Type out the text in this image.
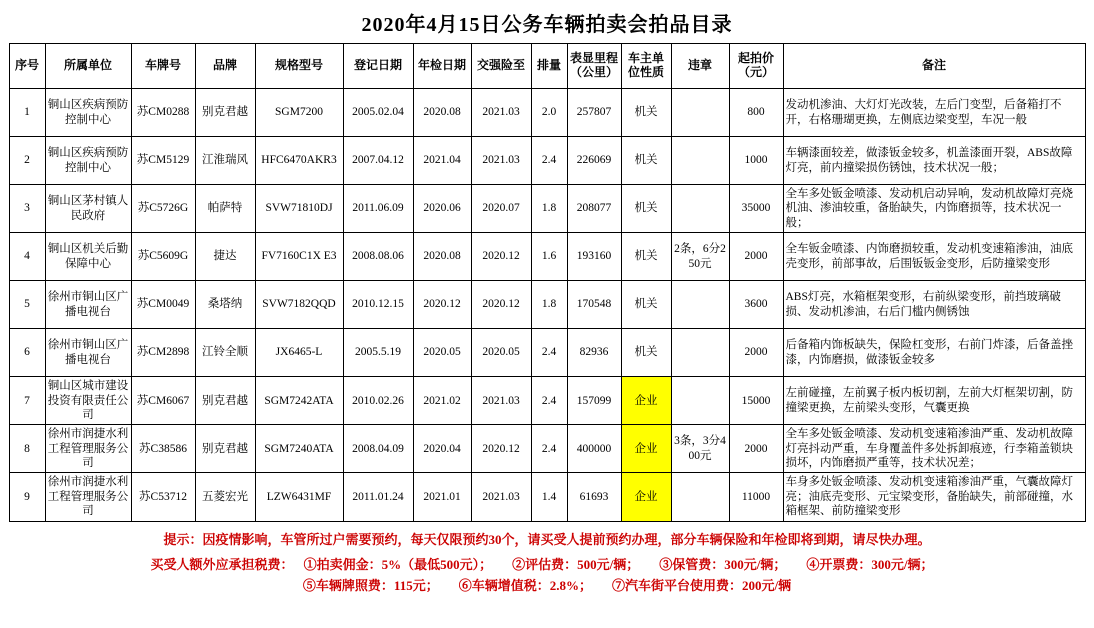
2020年4月15日公务车辆拍卖会拍品目录
序号	所属单位	车牌号	品牌	规格型号	登记日期	年检日期	交强险至	排量	表显里程（公里）	车主单位性质	违章	起拍价（元）	备注
1	铜山区疾病预防控制中心	苏CM0288	别克君越	SGM7200	2005.02.04	2020.08	2021.03	2.0	257807	机关		800	发动机渗油、大灯灯光改装，左后门变型，后备箱打不开，右格珊瑚更换，左侧底边梁变型，车况一般
2	铜山区疾病预防控制中心	苏CM5129	江淮瑞风	HFC6470AKR3	2007.04.12	2021.04	2021.03	2.4	226069	机关		1000	车辆漆面较差，做漆钣金较多，机盖漆面开裂，ABS故障灯亮，前内撞梁损伤锈蚀，技术状况一般；
3	铜山区茅村镇人民政府	苏C5726G	帕萨特	SVW71810DJ	2011.06.09	2020.06	2020.07	1.8	208077	机关		35000	全车多处钣金喷漆、发动机启动异响，发动机故障灯亮烧机油、渗油较重，备胎缺失，内饰磨损等，技术状况一般；
4	铜山区机关后勤保障中心	苏C5609G	捷达	FV7160C1X E3	2008.08.06	2020.08	2020.12	1.6	193160	机关	2条，6分250元	2000	全车钣金喷漆、内饰磨损较重，发动机变速箱渗油，油底壳变形，前部事故，后围钣钣金变形，后防撞梁变形
5	徐州市铜山区广播电视台	苏CM0049	桑塔纳	SVW7182QQD	2010.12.15	2020.12	2020.12	1.8	170548	机关		3600	ABS灯亮，水箱框架变形，右前纵梁变形，前挡玻璃破损、发动机渗油，右后门槛内侧锈蚀
6	徐州市铜山区广播电视台	苏CM2898	江铃全顺	JX6465-L	2005.5.19	2020.05	2020.05	2.4	82936	机关		2000	后备箱内饰板缺失，保险杠变形，右前门炸漆，后备盖挫漆，内饰磨损，做漆钣金较多
7	铜山区城市建设投资有限责任公司	苏CM6067	别克君越	SGM7242ATA	2010.02.26	2021.02	2021.03	2.4	157099	企业		15000	左前碰撞，左前翼子板内板切割，左前大灯框架切割，防撞梁更换，左前梁头变形，气囊更换
8	徐州市润捷水利工程管理服务公司	苏C38586	别克君越	SGM7240ATA	2008.04.09	2020.04	2020.12	2.4	400000	企业	3条，3分400元	2000	全车多处钣金喷漆、发动机变速箱渗油严重、发动机故障灯亮抖动严重，车身覆盖件多处拆卸痕迹，行李箱盖锁块损坏，内饰磨损严重等，技术状况差；
9	徐州市润捷水利工程管理服务公司	苏C53712	五菱宏光	LZW6431MF	2011.01.24	2021.01	2021.03	1.4	61693	企业		11000	车身多处钣金喷漆、发动机变速箱渗油严重，气囊故障灯亮；油底壳变形、元宝梁变形，备胎缺失，前部碰撞，水箱框架、前防撞梁变形
提示：因疫情影响，车管所过户需要预约，每天仅限预约30个，请买受人提前预约办理，部分车辆保险和年检即将到期，请尽快办理。
买受人额外应承担税费： ①拍卖佣金：5%（最低500元）； ②评估费：500元/辆； ③保管费：300元/辆； ④开票费：300元/辆；
⑤车辆牌照费：115元； ⑥车辆增值税：2.8%； ⑦汽车街平台使用费：200元/辆
